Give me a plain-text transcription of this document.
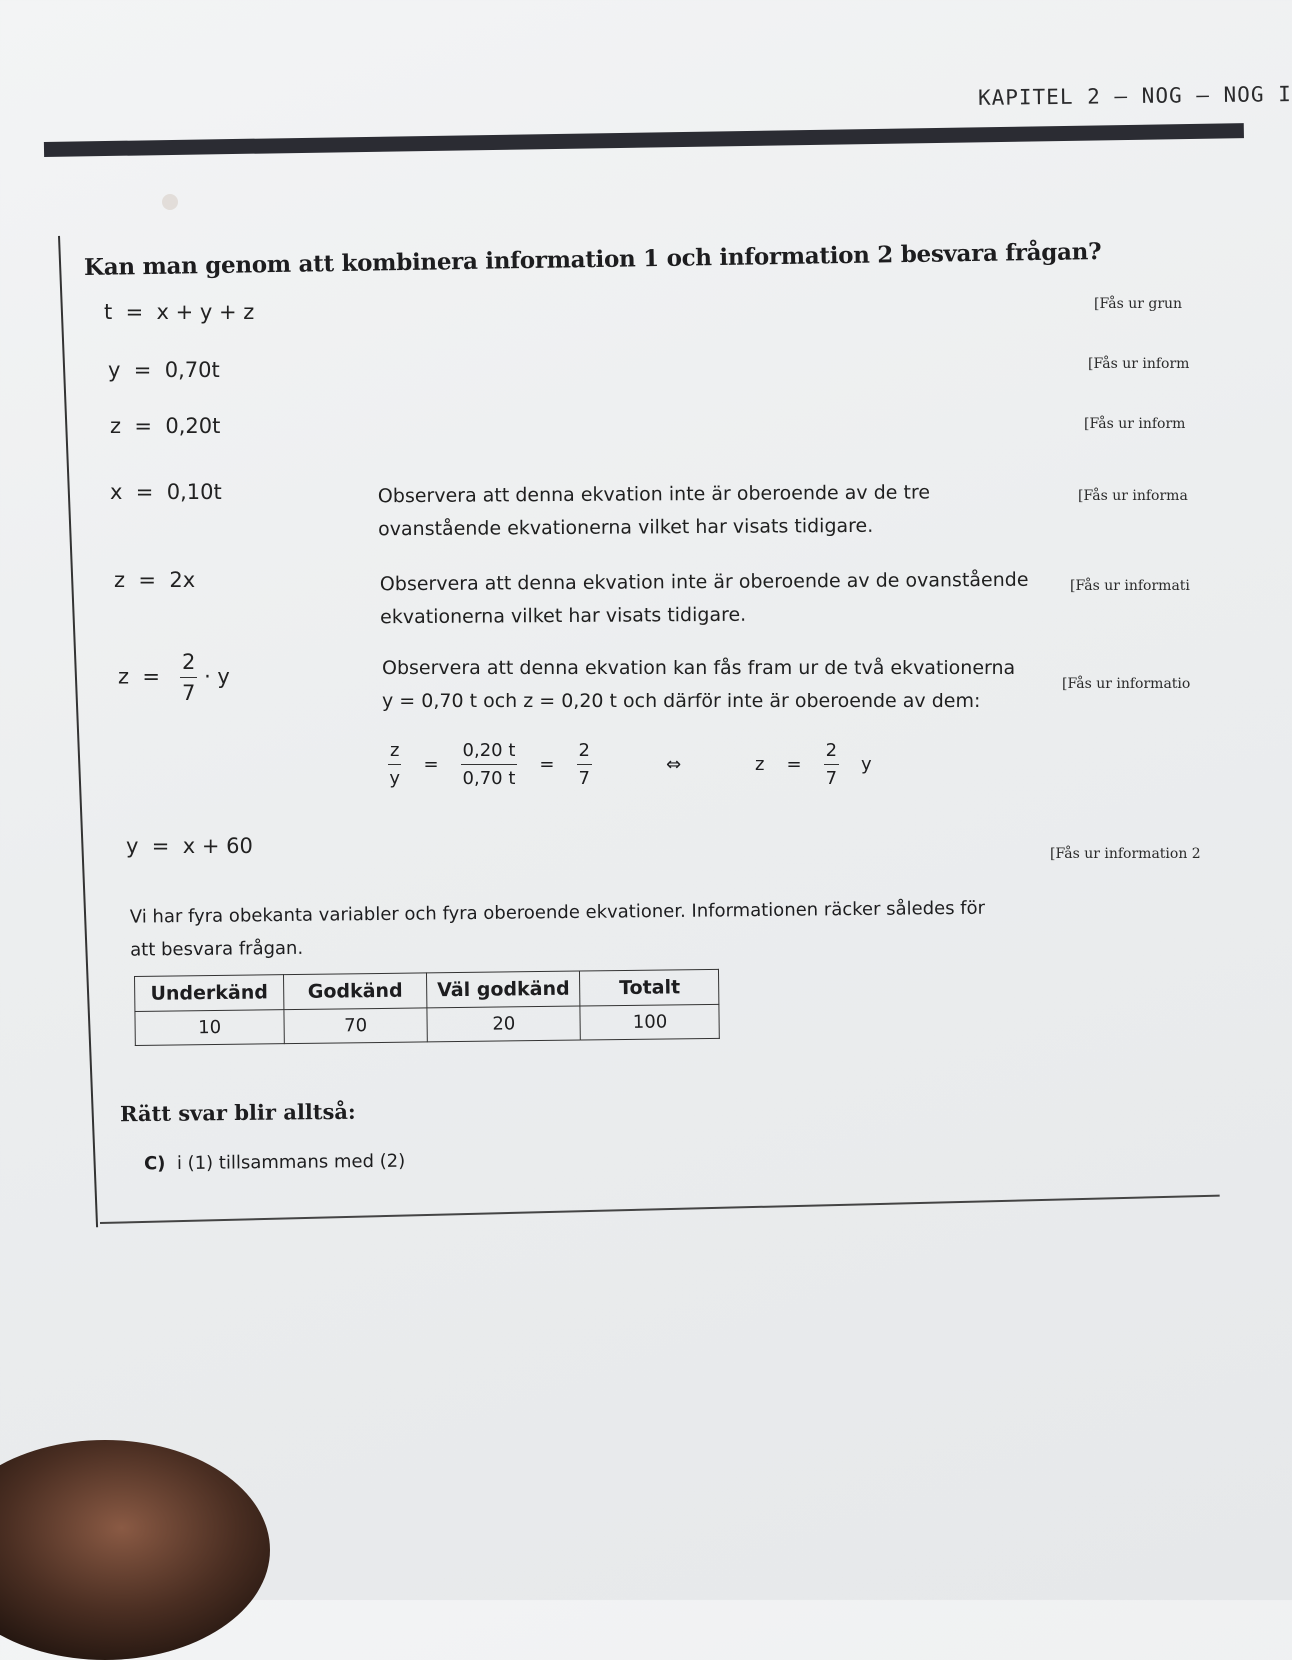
KAPITEL 2 – NOG – NOG I
Kan man genom att kombinera information 1 och information 2 besvara frågan?
t  =  x + y + z	[Fås ur grun
y  =  0,70t	[Fås ur inform
z  =  0,20t	[Fås ur inform
x  =  0,10t	Observera att denna ekvation inte är oberoende av de tre ovanstående ekvationerna vilket har visats tidigare.
[Fås ur informa
z  =  2x	Observera att denna ekvation inte är oberoende av de ovanstående ekvationerna vilket har visats tidigare.
[Fås ur informati
$z = \frac{2}{7} \cdot y$	Observera att denna ekvation kan fås fram ur de två ekvationerna
y = 0,70 t och z = 0,20 t och därför inte är oberoende av dem:
[Fås ur informatio
$\frac{z}{y} = \frac{0,20 t}{0,70 t} = \frac{2}{7}$	⇔	$z = \frac{2}{7}$ y
y  =  x + 60	[Fås ur information 2
Vi har fyra obekanta variabler och fyra oberoende ekvationer. Informationen räcker således för att besvara frågan.
Underkänd	Godkänd	Väl godkänd	Totalt
10	70	20	100
Rätt svar blir alltså:
C) i (1) tillsammans med (2)
